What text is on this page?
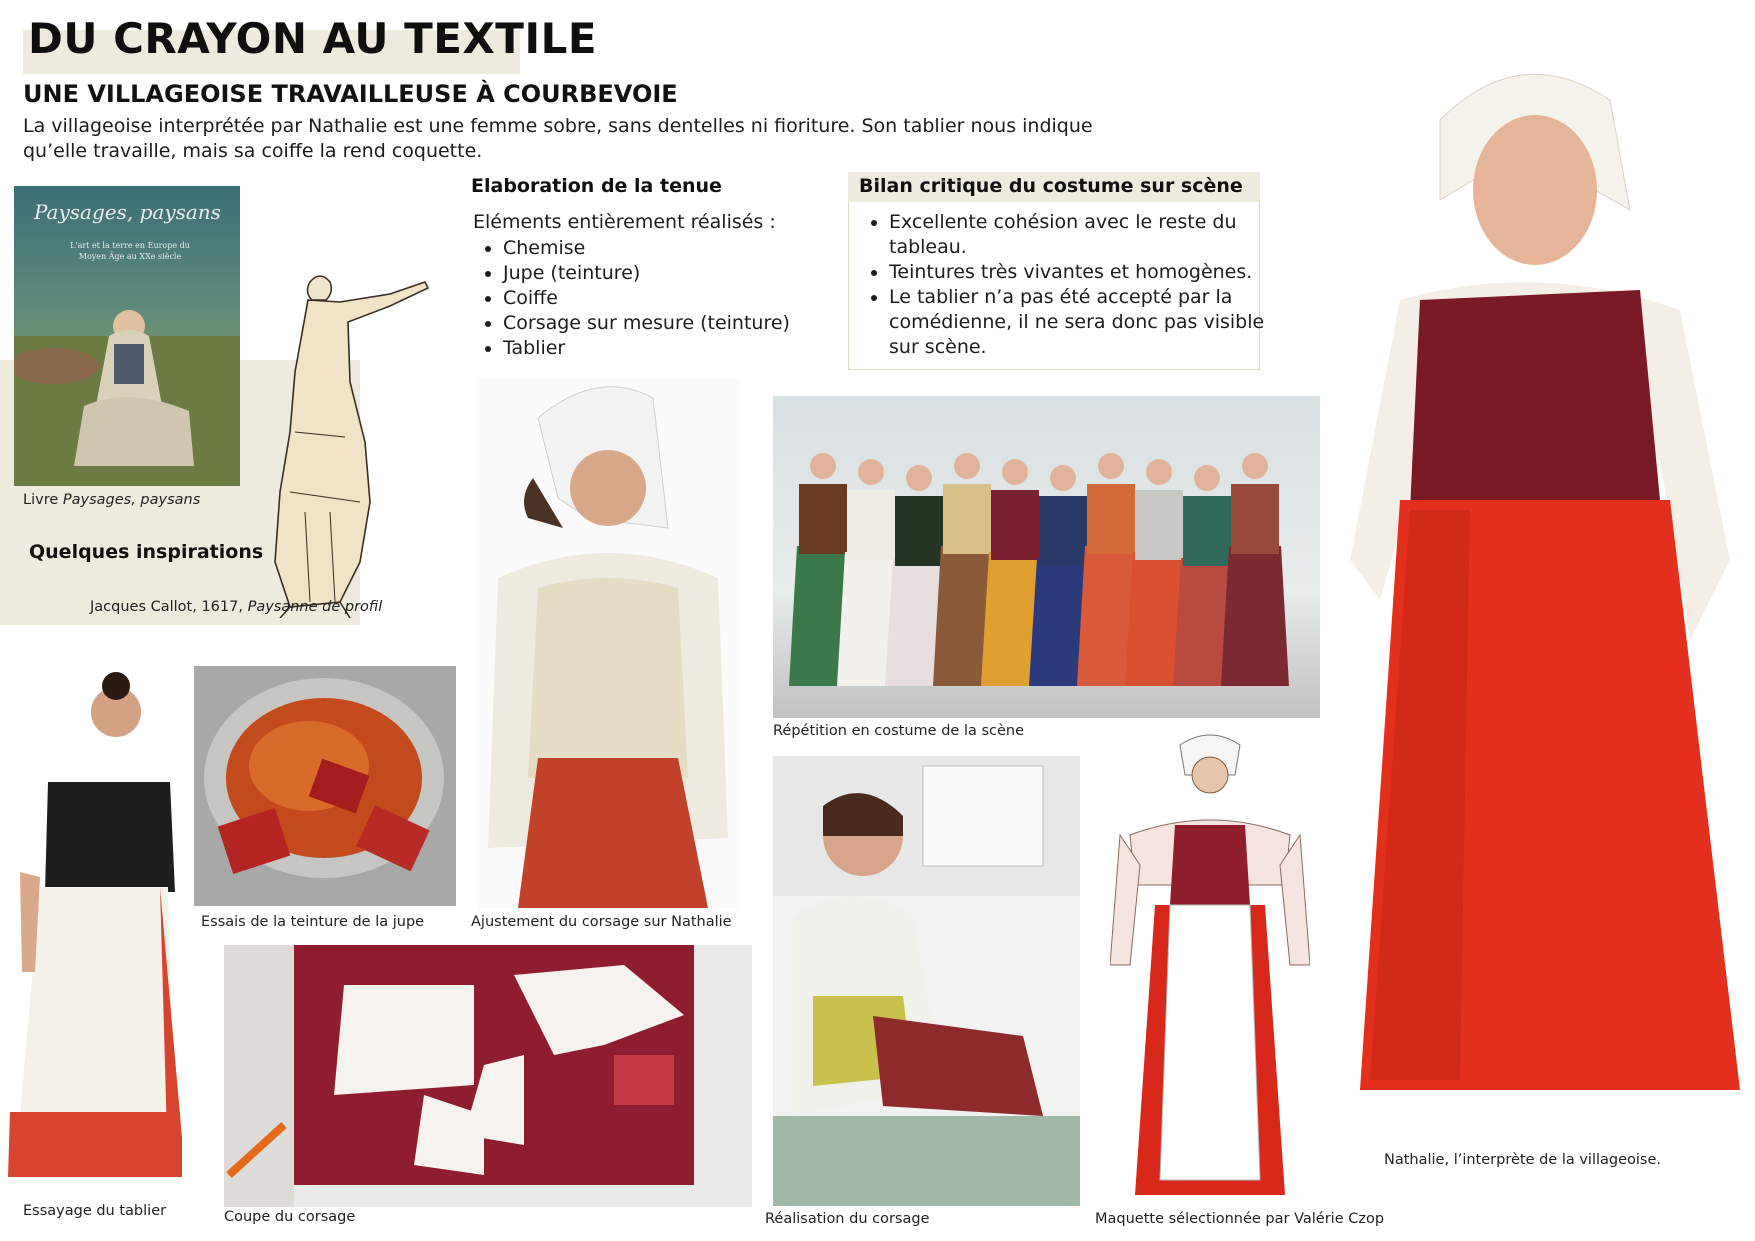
DU CRAYON AU TEXTILE
UNE VILLAGEOISE TRAVAILLEUSE À COURBEVOIE
La villageoise interprétée par Nathalie est une femme sobre, sans dentelles ni fioriture. Son tablier nous indique qu’elle travaille, mais sa coiffe la rend coquette.
Paysages, paysans
L'art et la terre en Europe du Moyen Âge au XXe siècle
Livre Paysages, paysans
Quelques inspirations
Jacques Callot, 1617, Paysanne de profil
Elaboration de la tenue
Eléments entièrement réalisés :
• Chemise
• Jupe (teinture)
• Coiffe
• Corsage sur mesure (teinture)
• Tablier
Bilan critique du costume sur scène
• Excellente cohésion avec le reste du tableau.
• Teintures très vivantes et homogènes.
• Le tablier n’a pas été accepté par la comédienne, il ne sera donc pas visible sur scène.
Ajustement du corsage sur Nathalie
Répétition en costume de la scène
Essayage du tablier
Essais de la teinture de la jupe
Coupe du corsage	Réalisation du corsage	Maquette sélectionnée par Valérie Czop
Nathalie, l’interprète de la villageoise.
